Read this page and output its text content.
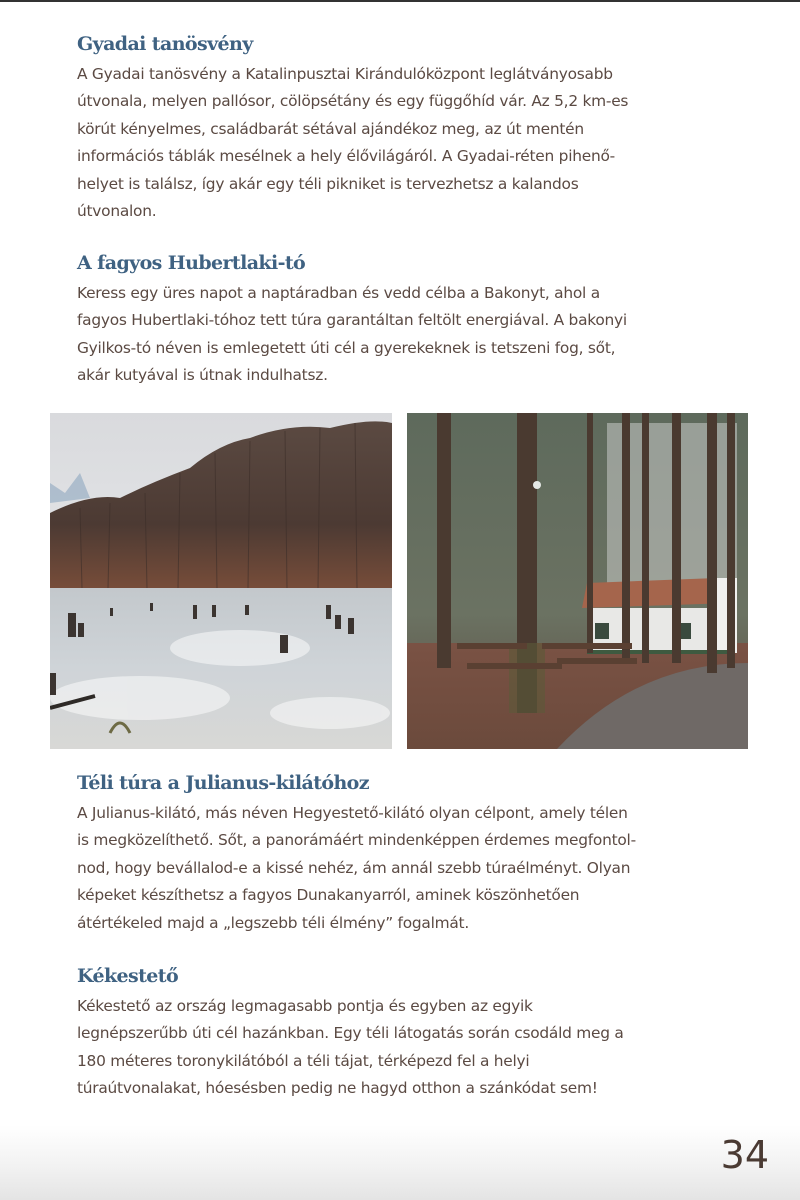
Gyadai tanösvény

A Gyadai tanösvény a Katalinpusztai Kirándulóközpont leglátványosabb
útvonala, melyen pallósor, cölöpsétány és egy függőhíd vár. Az 5,2 km-es
körút kényelmes, családbarát sétával ajándékoz meg, az út mentén
információs táblák mesélnek a hely élővilágáról. A Gyadai-réten pihenő-
helyet is találsz, így akár egy téli pikniket is tervezhetsz a kalandos
útvonalon.

A fagyos Hubertlaki-tó

Keress egy üres napot a naptáradban és vedd célba a Bakonyt, ahol a
fagyos Hubertlaki-tóhoz tett túra garantáltan feltölt energiával. A bakonyi
Gyilkos-tó néven is emlegetett úti cél a gyerekeknek is tetszeni fog, sőt,
akár kutyával is útnak indulhatsz.

Téli túra a Julianus-kilátóhoz

A Julianus-kilátó, más néven Hegyestető-kilátó olyan célpont, amely télen
is megközelíthető. Sőt, a panorámáért mindenképpen érdemes megfontol-
nod, hogy bevállalod-e a kissé nehéz, ám annál szebb túraélményt. Olyan
képeket készíthetsz a fagyos Dunakanyarról, aminek köszönhetően
átértékeled majd a „legszebb téli élmény” fogalmát.

Kékestető

Kékestető az ország legmagasabb pontja és egyben az egyik
legnépszerűbb úti cél hazánkban. Egy téli látogatás során csodáld meg a
180 méteres toronykilátóból a téli tájat, térképezd fel a helyi
túraútvonalakat, hóesésben pedig ne hagyd otthon a szánkódat sem!

34
